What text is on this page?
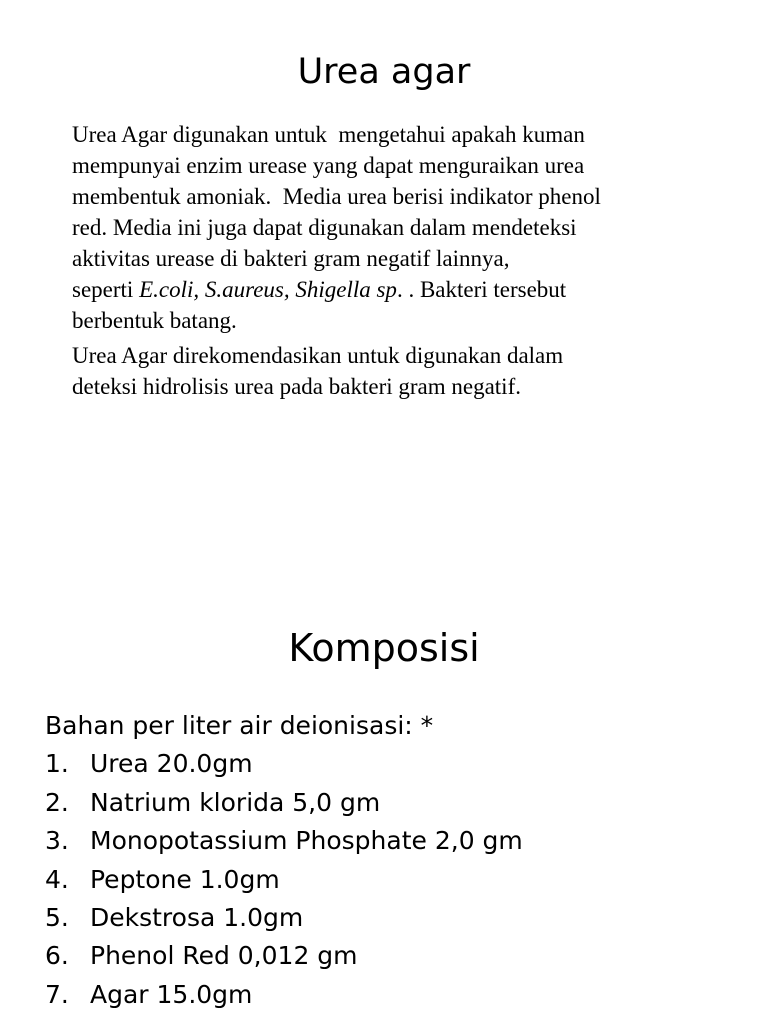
Urea agar

Urea Agar digunakan untuk  mengetahui apakah kuman
mempunyai enzim urease yang dapat menguraikan urea
membentuk amoniak.  Media urea berisi indikator phenol
red. Media ini juga dapat digunakan dalam mendeteksi
aktivitas urease di bakteri gram negatif lainnya,
seperti E.coli, S.aureus, Shigella sp. . Bakteri tersebut
berbentuk batang.

Urea Agar direkomendasikan untuk digunakan dalam
deteksi hidrolisis urea pada bakteri gram negatif.

Komposisi
Bahan per liter air deionisasi: *
1. Urea 20.0gm
2. Natrium klorida 5,0 gm
3. Monopotassium Phosphate 2,0 gm
4. Peptone 1.0gm
5. Dekstrosa 1.0gm
6. Phenol Red 0,012 gm
7. Agar 15.0gm
